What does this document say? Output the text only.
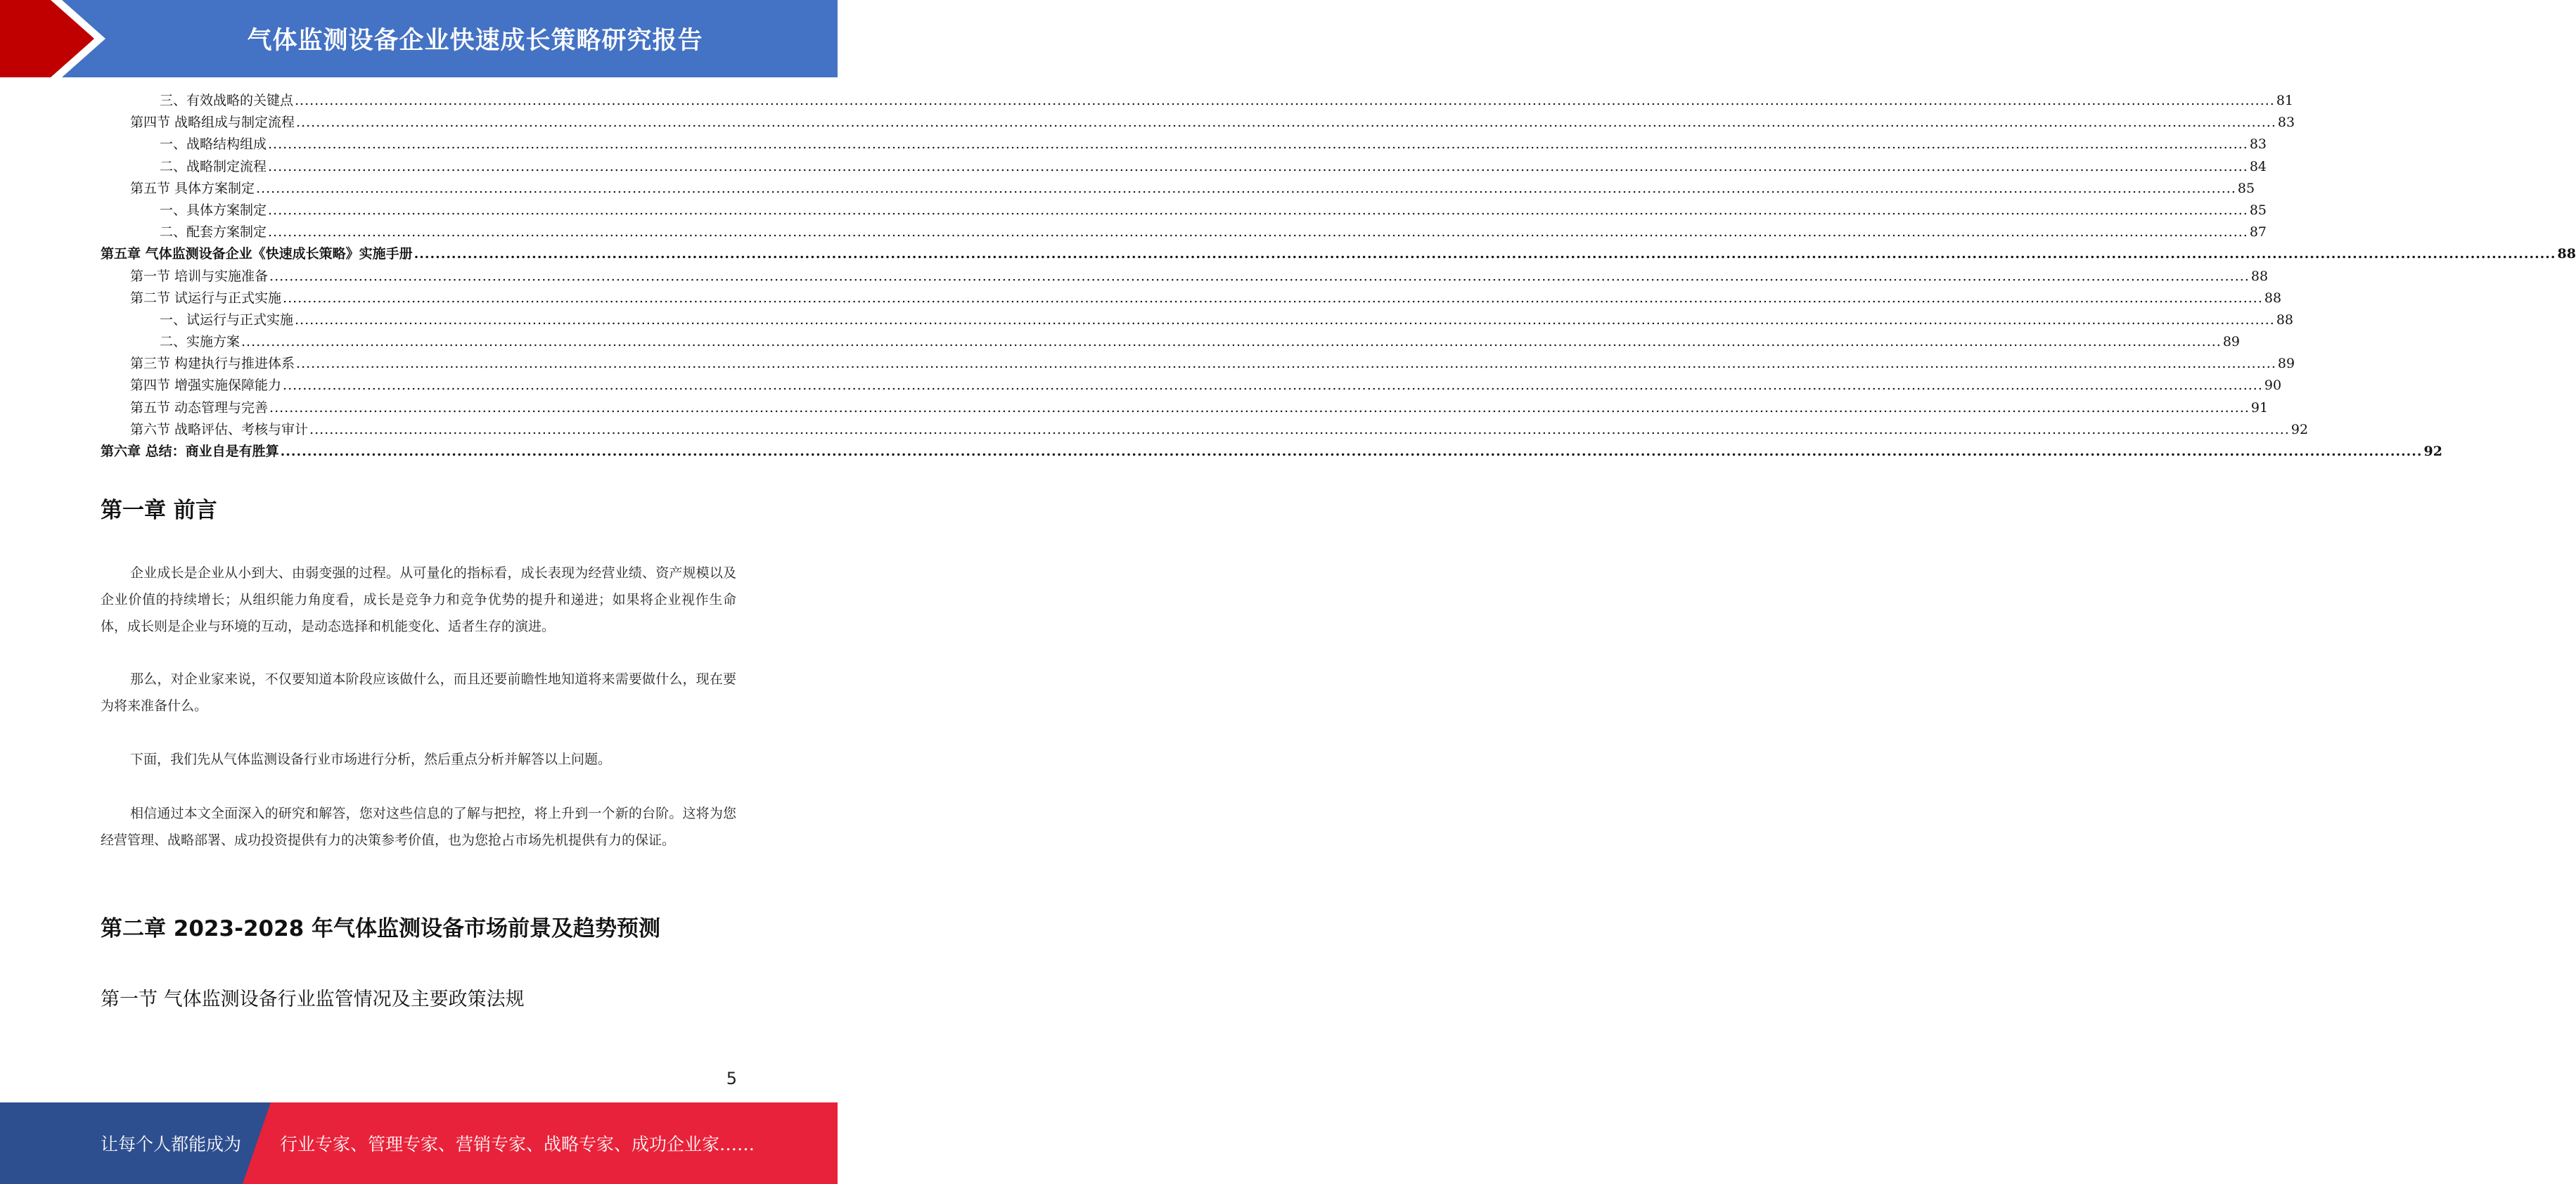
气体监测设备企业快速成长策略研究报告
三、有效战略的关键点 ................................................................................................................................................................................................................................................................................................................................................................................................................ 81
第四节 战略组成与制定流程 ................................................................................................................................................................................................................................................................................................................................................................................................................ 83
一、战略结构组成 ................................................................................................................................................................................................................................................................................................................................................................................................................ 83
二、战略制定流程 ................................................................................................................................................................................................................................................................................................................................................................................................................ 84
第五节 具体方案制定 ................................................................................................................................................................................................................................................................................................................................................................................................................ 85
一、具体方案制定 ................................................................................................................................................................................................................................................................................................................................................................................................................ 85
二、配套方案制定 ................................................................................................................................................................................................................................................................................................................................................................................................................ 87
第五章 气体监测设备企业《快速成长策略》实施手册 ................................................................................................................................................................................................................................................................................................................................................................................................................ 88
第一节 培训与实施准备 ................................................................................................................................................................................................................................................................................................................................................................................................................ 88
第二节 试运行与正式实施 ................................................................................................................................................................................................................................................................................................................................................................................................................ 88
一、试运行与正式实施 ................................................................................................................................................................................................................................................................................................................................................................................................................ 88
二、实施方案 ................................................................................................................................................................................................................................................................................................................................................................................................................ 89
第三节 构建执行与推进体系 ................................................................................................................................................................................................................................................................................................................................................................................................................ 89
第四节 增强实施保障能力 ................................................................................................................................................................................................................................................................................................................................................................................................................ 90
第五节 动态管理与完善 ................................................................................................................................................................................................................................................................................................................................................................................................................ 91
第六节 战略评估、考核与审计 ................................................................................................................................................................................................................................................................................................................................................................................................................ 92
第六章 总结：商业自是有胜算 ................................................................................................................................................................................................................................................................................................................................................................................................................ 92
第一章 前言
企业成长是企业从小到大、由弱变强的过程。从可量化的指标看，成长表现为经营业绩、资产规模以及企业价值的持续增长；从组织能力角度看，成长是竞争力和竞争优势的提升和递进；如果将企业视作生命体，成长则是企业与环境的互动，是动态选择和机能变化、适者生存的演进。
那么，对企业家来说，不仅要知道本阶段应该做什么，而且还要前瞻性地知道将来需要做什么，现在要为将来准备什么。
下面，我们先从气体监测设备行业市场进行分析，然后重点分析并解答以上问题。
相信通过本文全面深入的研究和解答，您对这些信息的了解与把控，将上升到一个新的台阶。这将为您经营管理、战略部署、成功投资提供有力的决策参考价值，也为您抢占市场先机提供有力的保证。
第二章 2023-2028 年气体监测设备市场前景及趋势预测
第一节 气体监测设备行业监管情况及主要政策法规
5
让每个人都能成为 行业专家、管理专家、营销专家、战略专家、成功企业家……
